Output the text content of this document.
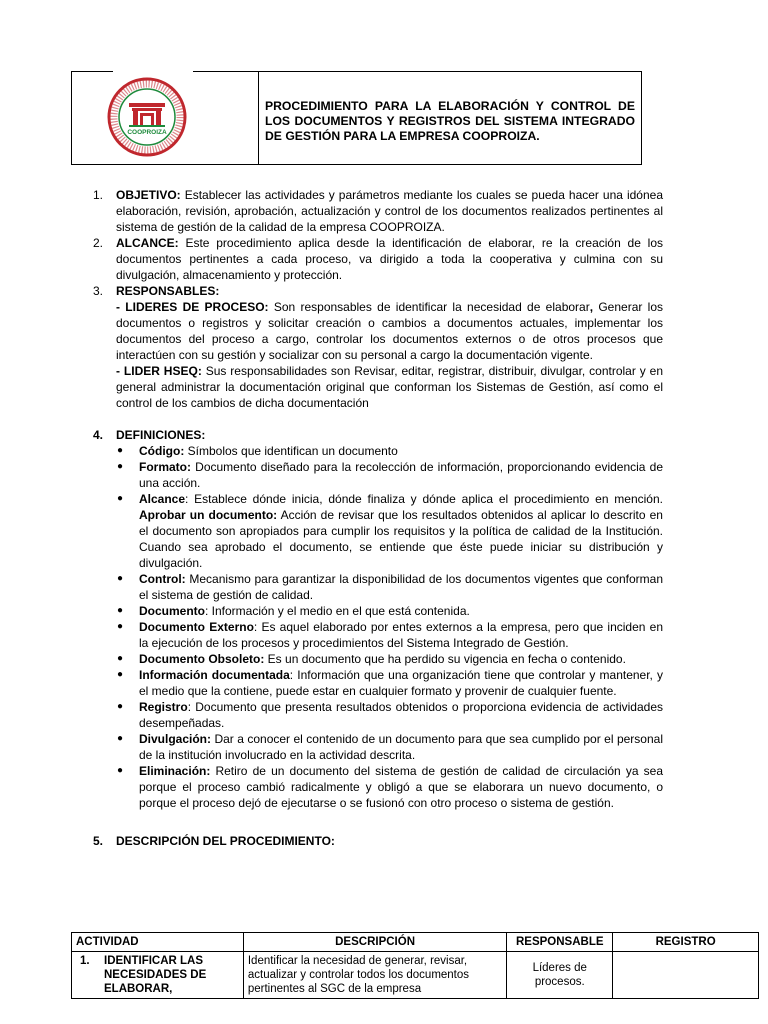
COOPROIZA

PROCEDIMIENTO PARA LA ELABORACIÓN Y CONTROL DE LOS DOCUMENTOS Y REGISTROS DEL SISTEMA INTEGRADO DE GESTIÓN PARA LA EMPRESA COOPROIZA.

1. OBJETIVO: Establecer las actividades y parámetros mediante los cuales se pueda hacer una idónea elaboración, revisión, aprobación, actualización y control de los documentos realizados pertinentes al sistema de gestión de la calidad de la empresa COOPROIZA.
2. ALCANCE: Este procedimiento aplica desde la identificación de elaborar, re la creación de los documentos pertinentes a cada proceso, va dirigido a toda la cooperativa y culmina con su divulgación, almacenamiento y protección.
3. RESPONSABLES:
- LIDERES DE PROCESO: Son responsables de identificar la necesidad de elaborar, Generar los documentos o registros y solicitar creación o cambios a documentos actuales, implementar los documentos del proceso a cargo, controlar los documentos externos o de otros procesos que interactúen con su gestión y socializar con su personal a cargo la documentación vigente.
- LIDER HSEQ: Sus responsabilidades son Revisar, editar, registrar, distribuir, divulgar, controlar y en general administrar la documentación original que conforman los Sistemas de Gestión, así como el control de los cambios de dicha documentación
4. DEFINICIONES:
● Código: Símbolos que identifican un documento
● Formato: Documento diseñado para la recolección de información, proporcionando evidencia de una acción.
● Alcance: Establece dónde inicia, dónde finaliza y dónde aplica el procedimiento en mención. Aprobar un documento: Acción de revisar que los resultados obtenidos al aplicar lo descrito en el documento son apropiados para cumplir los requisitos y la política de calidad de la Institución. Cuando sea aprobado el documento, se entiende que éste puede iniciar su distribución y divulgación.
● Control: Mecanismo para garantizar la disponibilidad de los documentos vigentes que conforman el sistema de gestión de calidad.
● Documento: Información y el medio en el que está contenida.
● Documento Externo: Es aquel elaborado por entes externos a la empresa, pero que inciden en la ejecución de los procesos y procedimientos del Sistema Integrado de Gestión.
● Documento Obsoleto: Es un documento que ha perdido su vigencia en fecha o contenido.
● Información documentada: Información que una organización tiene que controlar y mantener, y el medio que la contiene, puede estar en cualquier formato y provenir de cualquier fuente.
● Registro: Documento que presenta resultados obtenidos o proporciona evidencia de actividades desempeñadas.
● Divulgación: Dar a conocer el contenido de un documento para que sea cumplido por el personal de la institución involucrado en la actividad descrita.
● Eliminación: Retiro de un documento del sistema de gestión de calidad de circulación ya sea porque el proceso cambió radicalmente y obligó a que se elaborara un nuevo documento, o porque el proceso dejó de ejecutarse o se fusionó con otro proceso o sistema de gestión.
5. DESCRIPCIÓN DEL PROCEDIMIENTO:
ACTIVIDAD	DESCRIPCIÓN	RESPONSABLE	REGISTRO
1. IDENTIFICAR LAS NECESIDADES DE ELABORAR,	Identificar la necesidad de generar, revisar, actualizar y controlar todos los documentos pertinentes al SGC de la empresa	Líderes de procesos.	
